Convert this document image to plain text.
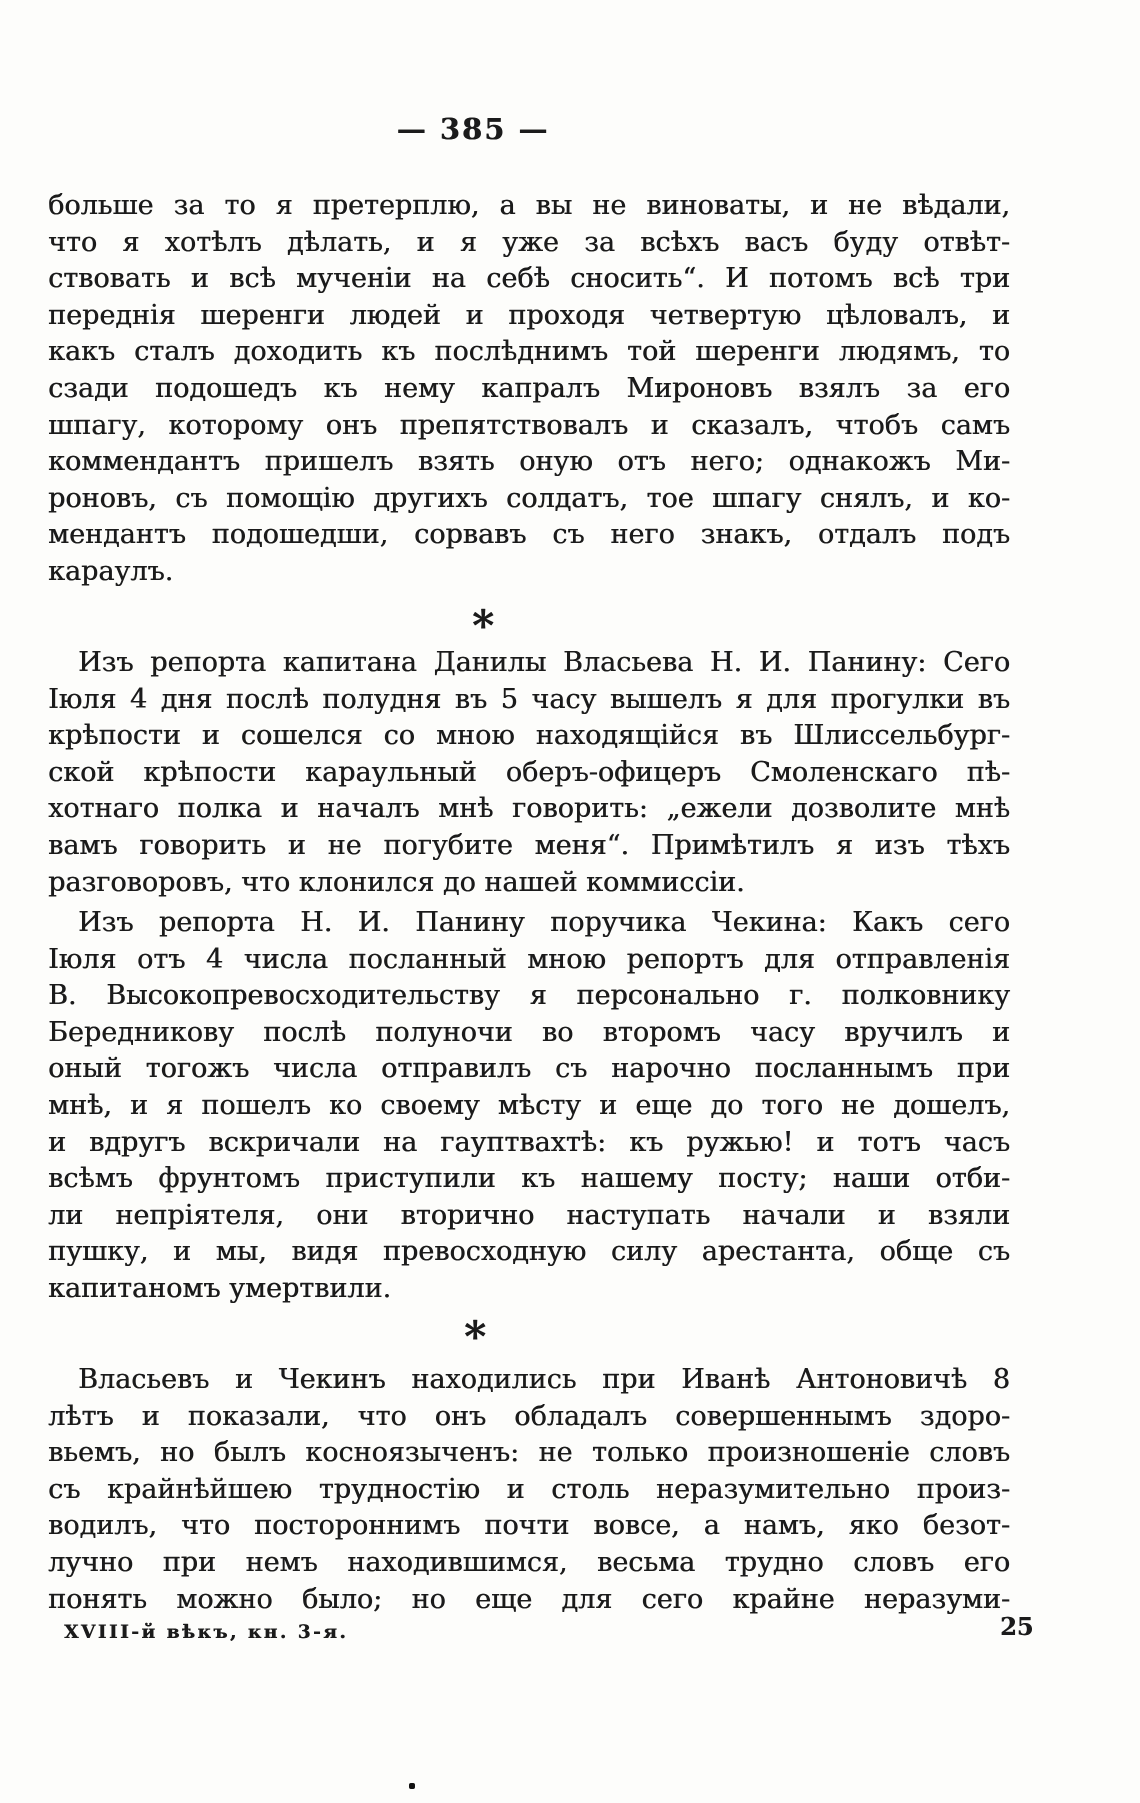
— 385 —
больше за то я претерплю, а вы не виноваты, и не вѣдали,
что я хотѣлъ дѣлать, и я уже за всѣхъ васъ буду отвѣт-
ствовать и всѣ мученіи на себѣ сносить“. И потомъ всѣ три
переднія шеренги людей и проходя четвертую цѣловалъ, и
какъ сталъ доходить къ послѣднимъ той шеренги людямъ, то
сзади подошедъ къ нему капралъ Мироновъ взялъ за его
шпагу, которому онъ препятствовалъ и сказалъ, чтобъ самъ
коммендантъ пришелъ взять оную отъ него; однакожъ Ми-
роновъ, съ помощію другихъ солдатъ, тое шпагу снялъ, и ко-
мендантъ подошедши, сорвавъ съ него знакъ, отдалъ подъ
караулъ.
*
Изъ репорта капитана Данилы Власьева Н. И. Панину: Сего
Іюля 4 дня послѣ полудня въ 5 часу вышелъ я для прогулки въ
крѣпости и сошелся со мною находящійся въ Шлиссельбург-
ской крѣпости караульный оберъ-офицеръ Смоленскаго пѣ-
хотнаго полка и началъ мнѣ говорить: „ежели дозволите мнѣ
вамъ говорить и не погубите меня“. Примѣтилъ я изъ тѣхъ
разговоровъ, что клонился до нашей коммиссіи.
Изъ репорта Н. И. Панину поручика Чекина: Какъ сего
Іюля отъ 4 числа посланный мною репортъ для отправленія
В. Высокопревосходительству я персонально г. полковнику
Бередникову послѣ полуночи во второмъ часу вручилъ и
оный тогожъ числа отправилъ съ нарочно посланнымъ при
мнѣ, и я пошелъ ко своему мѣсту и еще до того не дошелъ,
и вдругъ вскричали на гауптвахтѣ: къ ружью! и тотъ часъ
всѣмъ фрунтомъ приступили къ нашему посту; наши отби-
ли непріятеля, они вторично наступать начали и взяли
пушку, и мы, видя превосходную силу арестанта, обще съ
капитаномъ умертвили.
*
Власьевъ и Чекинъ находились при Иванѣ Антоновичѣ 8
лѣтъ и показали, что онъ обладалъ совершеннымъ здоро-
вьемъ, но былъ косноязыченъ: не только произношеніе словъ
съ крайнѣйшею трудностію и столь неразумительно произ-
водилъ, что постороннимъ почти вовсе, а намъ, яко безот-
лучно при немъ находившимся, весьма трудно словъ его
понять можно было; но еще для сего крайне неразуми-
XVIII-й вѣкъ, кн. 3-я.	25
